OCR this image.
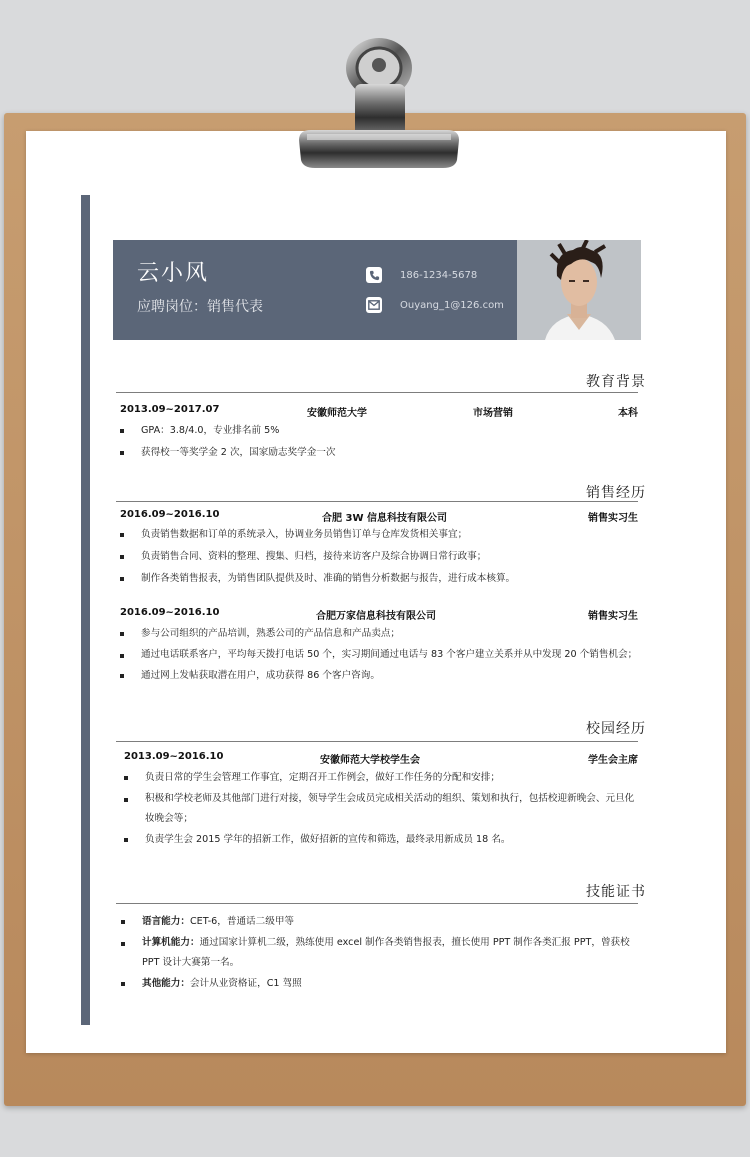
云小风
应聘岗位：销售代表
186-1234-5678
Ouyang_1@126.com
教育背景
2013.09~2017.07	安徽师范大学	市场营销	本科
GPA：3.8/4.0，专业排名前 5%
获得校一等奖学金 2 次，国家励志奖学金一次
销售经历
2016.09~2016.10	合肥 3W 信息科技有限公司	销售实习生
负责销售数据和订单的系统录入，协调业务员销售订单与仓库发货相关事宜；
负责销售合同、资料的整理、搜集、归档，接待来访客户及综合协调日常行政事；
制作各类销售报表，为销售团队提供及时、准确的销售分析数据与报告，进行成本核算。
2016.09~2016.10	合肥万家信息科技有限公司	销售实习生
参与公司组织的产品培训，熟悉公司的产品信息和产品卖点；
通过电话联系客户，平均每天拨打电话 50 个，实习期间通过电话与 83 个客户建立关系并从中发现 20 个销售机会；
通过网上发帖获取潜在用户，成功获得 86 个客户咨询。
校园经历
2013.09~2016.10	安徽师范大学校学生会	学生会主席
负责日常的学生会管理工作事宜，定期召开工作例会，做好工作任务的分配和安排；
积极和学校老师及其他部门进行对接，领导学生会成员完成相关活动的组织、策划和执行，包括校迎新晚会、元旦化妆晚会等；
负责学生会 2015 学年的招新工作，做好招新的宣传和筛选，最终录用新成员 18 名。
技能证书
语言能力：CET-6，普通话二级甲等
计算机能力：通过国家计算机二级，熟练使用 excel 制作各类销售报表，擅长使用 PPT 制作各类汇报 PPT，曾获校 PPT 设计大赛第一名。
其他能力：会计从业资格证，C1 驾照
